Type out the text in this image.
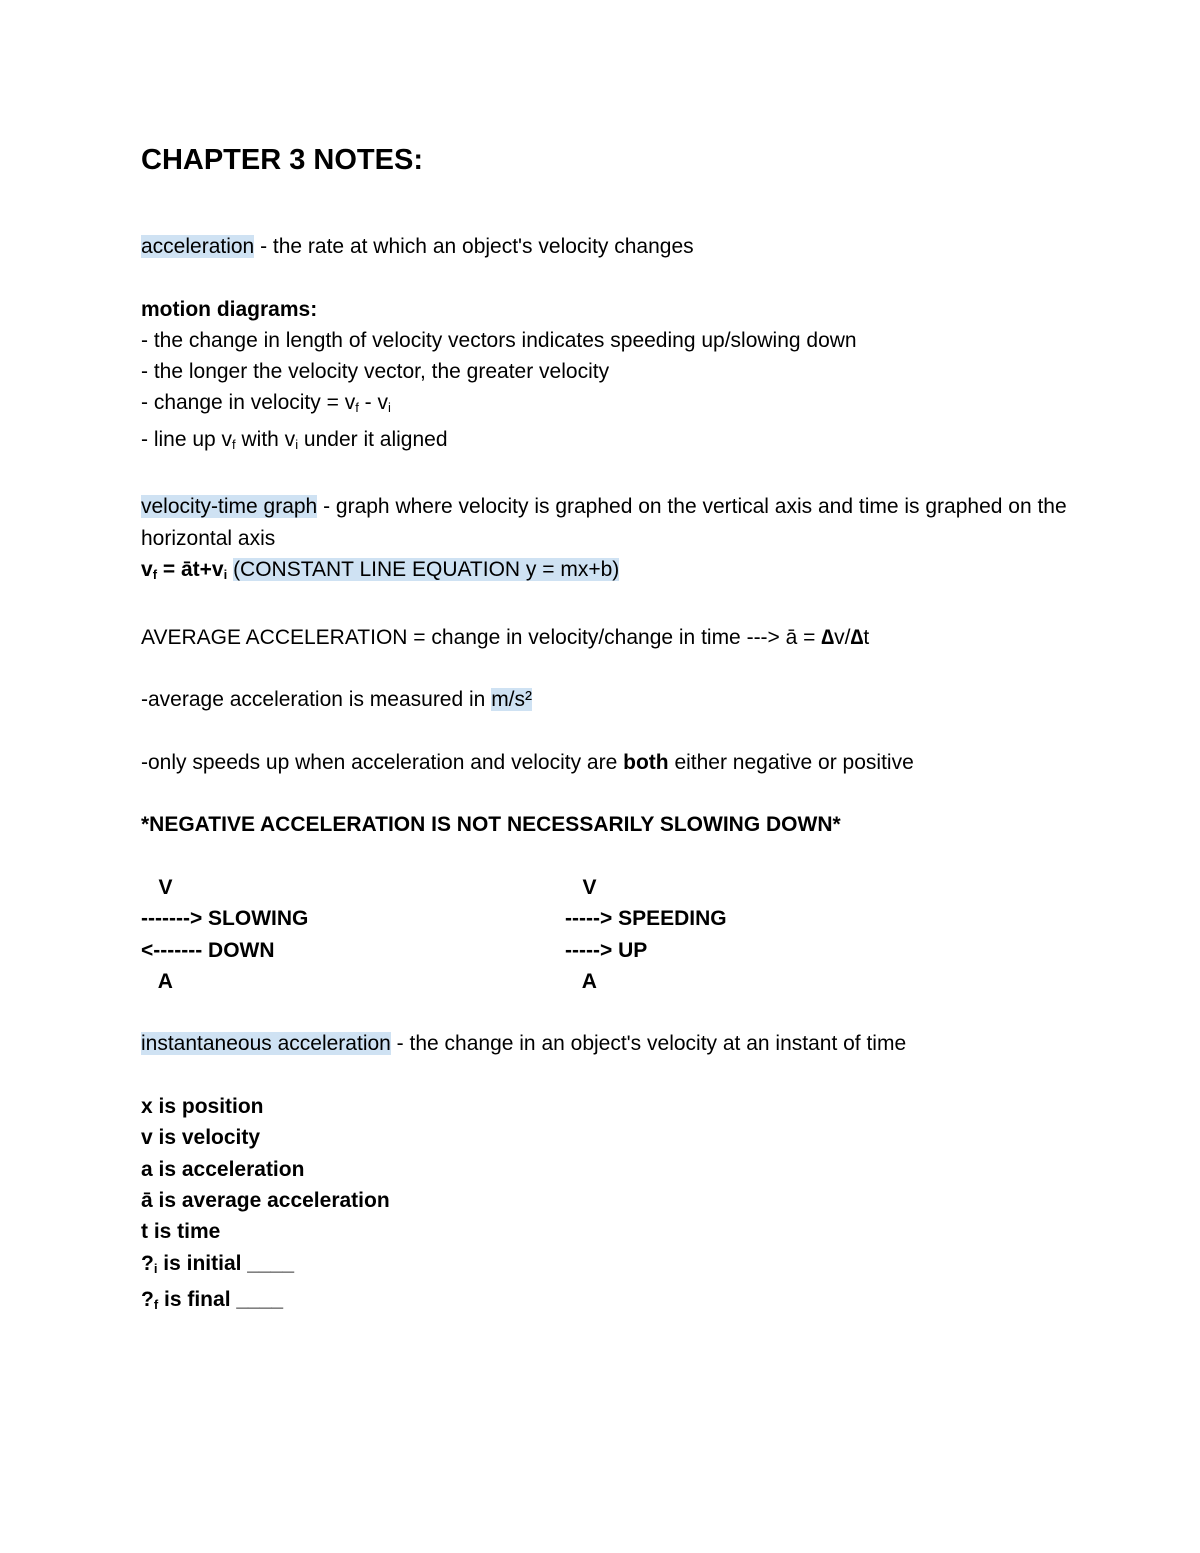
CHAPTER 3 NOTES:

acceleration - the rate at which an object's velocity changes

motion diagrams:

- the change in length of velocity vectors indicates speeding up/slowing down

- the longer the velocity vector, the greater velocity

- change in velocity = $v_f - v_i$

- line up $v_f$ with $v_i$ under it aligned

velocity-time graph - graph where velocity is graphed on the vertical axis and time is graphed on the horizontal axis

$v_f$ = $āt+v_i$ (CONSTANT LINE EQUATION y = mx+b)

AVERAGE ACCELERATION = change in velocity/change in time ---> ā = ∆v/∆t

-average acceleration is measured in m/s²

-only speeds up when acceleration and velocity are both either negative or positive

*NEGATIVE ACCELERATION IS NOT NECESSARILY SLOWING DOWN*

V	V
-------> SLOWING	-----> SPEEDING
<------- DOWN	-----> UP
A	A

instantaneous acceleration - the change in an object's velocity at an instant of time

x is position

v is velocity

a is acceleration

ā is average acceleration

t is time

$?_i$ is initial ____

$?_f$ is final ____
